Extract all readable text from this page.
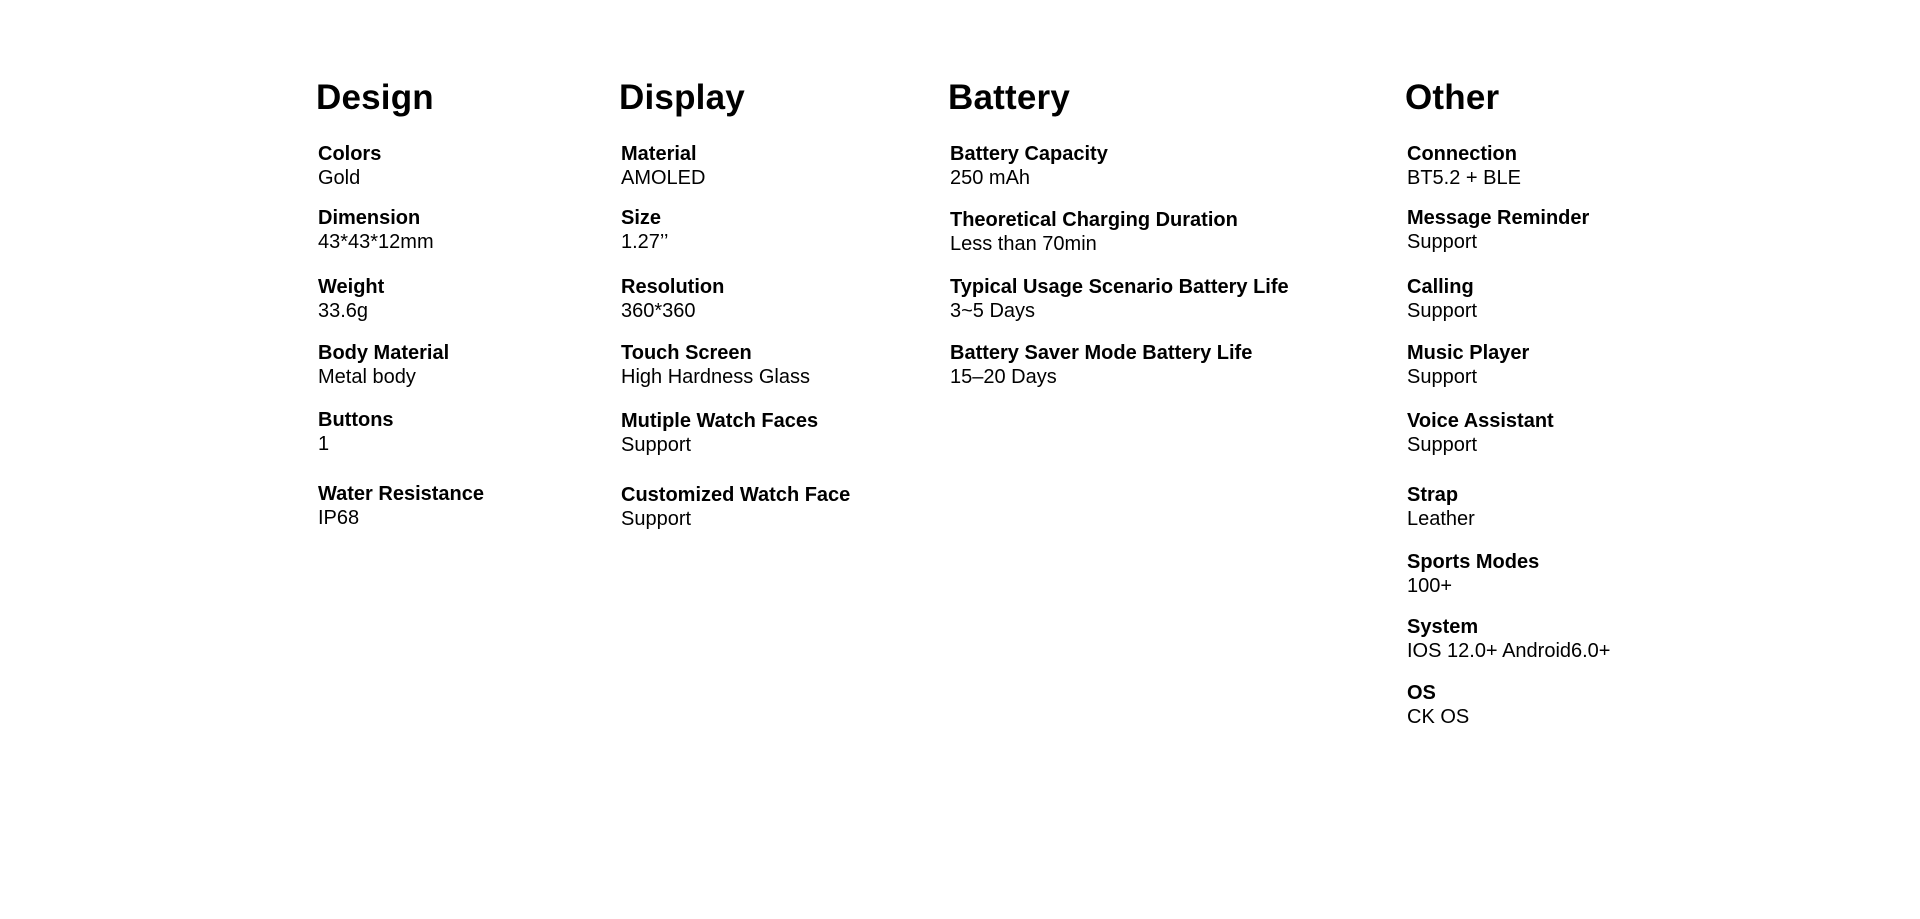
Design
Colors
Gold
Dimension
43*43*12mm
Weight
33.6g
Body Material
Metal body
Buttons
1
Water Resistance
IP68
Display
Material
AMOLED
Size
1.27’’
Resolution
360*360
Touch Screen
High Hardness Glass
Mutiple Watch Faces
Support
Customized Watch Face
Support
Battery
Battery Capacity
250 mAh
Theoretical Charging Duration
Less than 70min
Typical Usage Scenario Battery Life
3~5 Days
Battery Saver Mode Battery Life
15–20 Days
Other
Connection
BT5.2 + BLE
Message Reminder
Support
Calling
Support
Music Player
Support
Voice Assistant
Support
Strap
Leather
Sports Modes
100+
System
IOS 12.0+ Android6.0+
OS
CK OS
